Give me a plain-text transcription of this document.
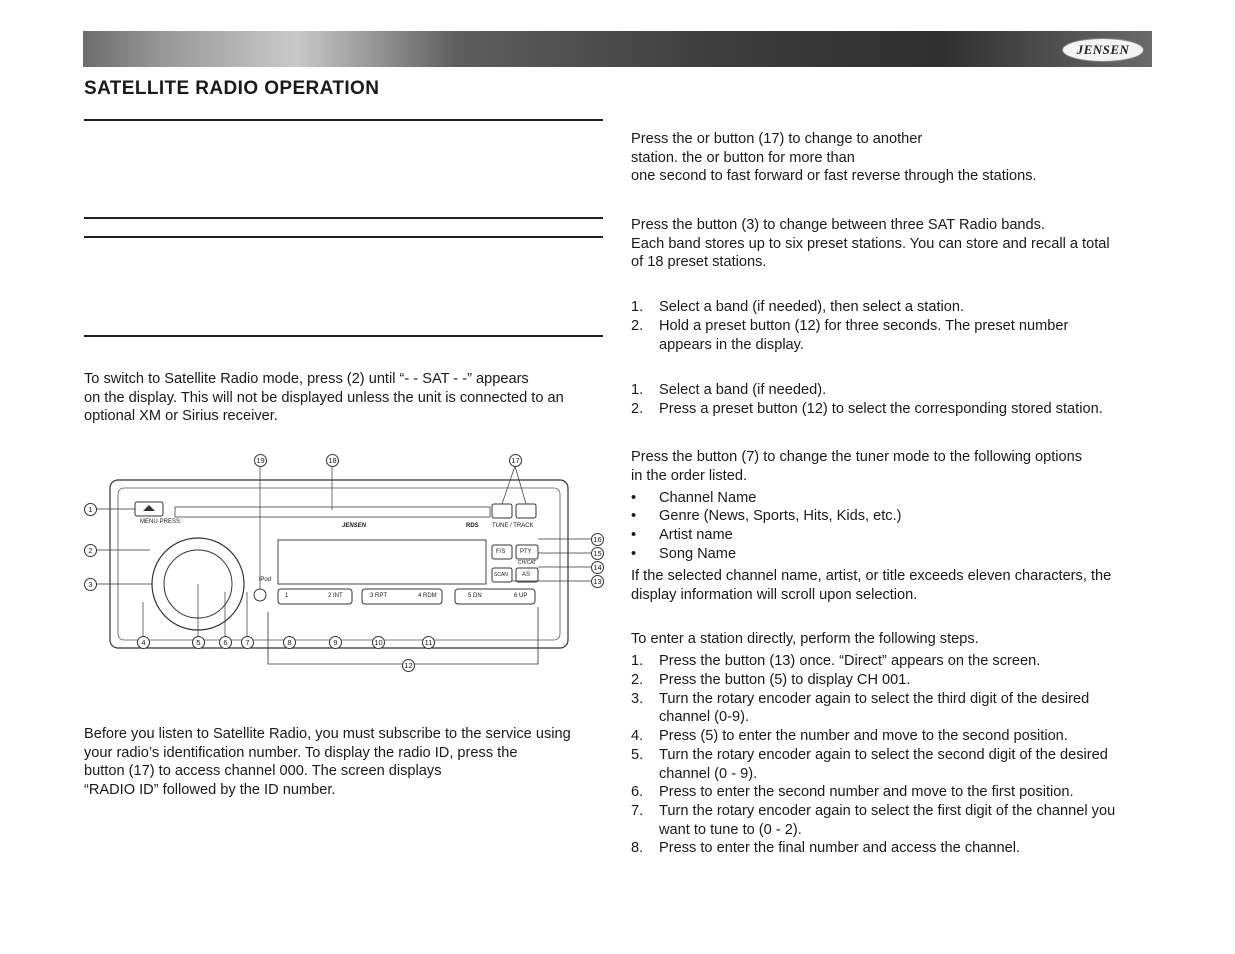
JENSEN
SATELLITE RADIO OPERATION
To switch to Satellite Radio mode, press (2) until “- - SAT - -” appears
on the display. This will not be displayed unless the unit is connected to an
optional XM or Sirius receiver.
MENU·PRESS
TUNE / TRACK
RDS
JENSEN
iPod
1	2 INT	3 RPT	4 RDM	5 DN	6 UP
F/S PTY
CH/CAT
SCAN AS
1
2
3
4	5	6	7	8	9	10	11
12
13
14
15
16
17
18
19
Before you listen to Satellite Radio, you must subscribe to the service using
your radio’s identification number. To display the radio ID, press the
button (17) to access channel 000. The screen displays
“RADIO ID” followed by the ID number.
Press the or button (17) to change to another
station. the or button for more than
one second to fast forward or fast reverse through the stations.
Press the button (3) to change between three SAT Radio bands.
Each band stores up to six preset stations. You can store and recall a total
of 18 preset stations.
1. Select a band (if needed), then select a station.
2. Hold a preset button (12) for three seconds. The preset number
appears in the display.
1. Select a band (if needed).
2. Press a preset button (12) to select the corresponding stored station.
Press the button (7) to change the tuner mode to the following options
in the order listed.
• Channel Name
• Genre (News, Sports, Hits, Kids, etc.)
• Artist name
• Song Name
If the selected channel name, artist, or title exceeds eleven characters, the
display information will scroll upon selection.
To enter a station directly, perform the following steps.
1. Press the button (13) once. “Direct” appears on the screen.
2. Press the button (5) to display CH 001.
3. Turn the rotary encoder again to select the third digit of the desired
channel (0-9).
4. Press (5) to enter the number and move to the second position.
5. Turn the rotary encoder again to select the second digit of the desired
channel (0 - 9).
6. Press to enter the second number and move to the first position.
7. Turn the rotary encoder again to select the first digit of the channel you
want to tune to (0 - 2).
8. Press to enter the final number and access the channel.
